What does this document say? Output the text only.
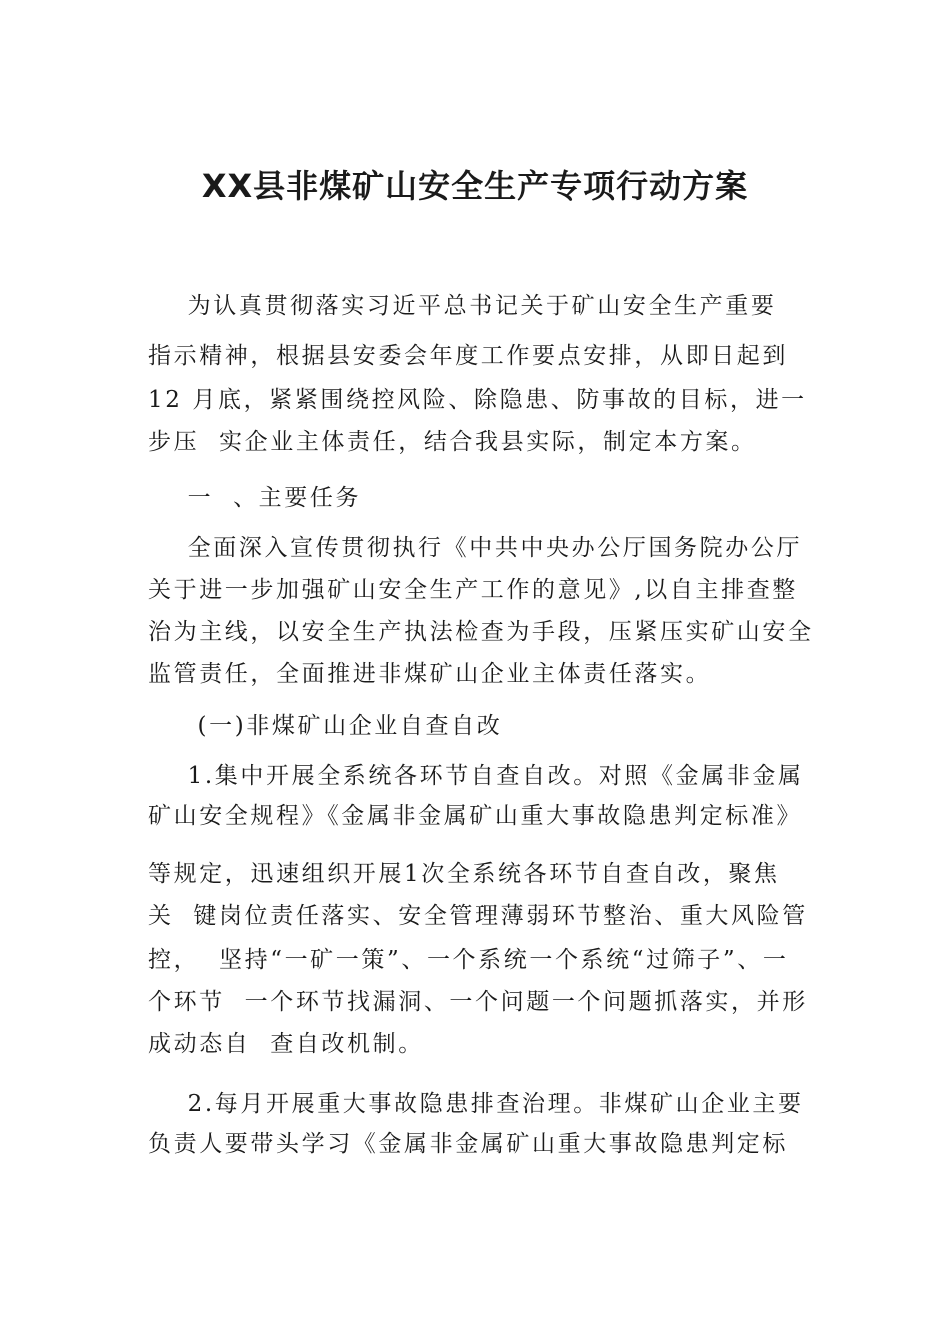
XX县非煤矿山安全生产专项行动方案

为认真贯彻落实习近平总书记关于矿山安全生产重要

指示精神，根据县安委会年度工作要点安排，从即日起到

12 月底，紧紧围绕控风险、除隐患、防事故的目标，进一

步压  实企业主体责任，结合我县实际，制定本方案。

一  、主要任务

全面深入宣传贯彻执行《中共中央办公厅国务院办公厅

关于进一步加强矿山安全生产工作的意见》,以自主排查整

治为主线，以安全生产执法检查为手段，压紧压实矿山安全

监管责任，全面推进非煤矿山企业主体责任落实。

(一)非煤矿山企业自查自改

1.集中开展全系统各环节自查自改。对照《金属非金属

矿山安全规程》《金属非金属矿山重大事故隐患判定标准》

等规定，迅速组织开展1次全系统各环节自查自改，聚焦

关  键岗位责任落实、安全管理薄弱环节整治、重大风险管

控，  坚持“一矿一策”、一个系统一个系统“过筛子”、一

个环节  一个环节找漏洞、一个问题一个问题抓落实，并形

成动态自  查自改机制。

2.每月开展重大事故隐患排查治理。非煤矿山企业主要

负责人要带头学习《金属非金属矿山重大事故隐患判定标
